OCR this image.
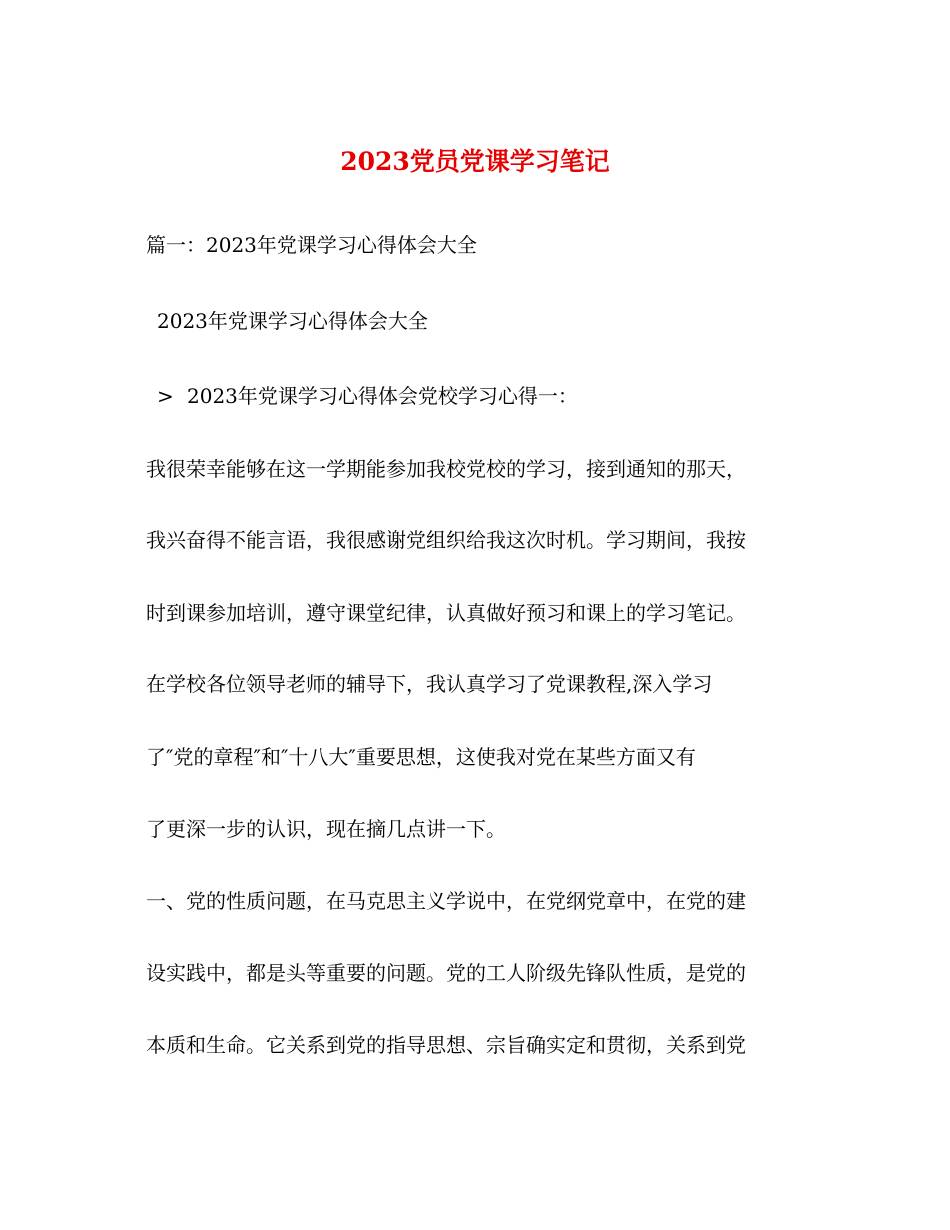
2023党员党课学习笔记
篇一：2023年党课学习心得体会大全
2023年党课学习心得体会大全
> 2023年党课学习心得体会党校学习心得一：
我很荣幸能够在这一学期能参加我校党校的学习，接到通知的那天，
我兴奋得不能言语，我很感谢党组织给我这次时机。学习期间，我按
时到课参加培训，遵守课堂纪律，认真做好预习和课上的学习笔记。
在学校各位领导老师的辅导下，我认真学习了党课教程,深入学习
了″党的章程″和″十八大″重要思想，这使我对党在某些方面又有
了更深一步的认识，现在摘几点讲一下。
一、党的性质问题，在马克思主义学说中，在党纲党章中，在党的建
设实践中，都是头等重要的问题。党的工人阶级先锋队性质，是党的
本质和生命。它关系到党的指导思想、宗旨确实定和贯彻，关系到党
